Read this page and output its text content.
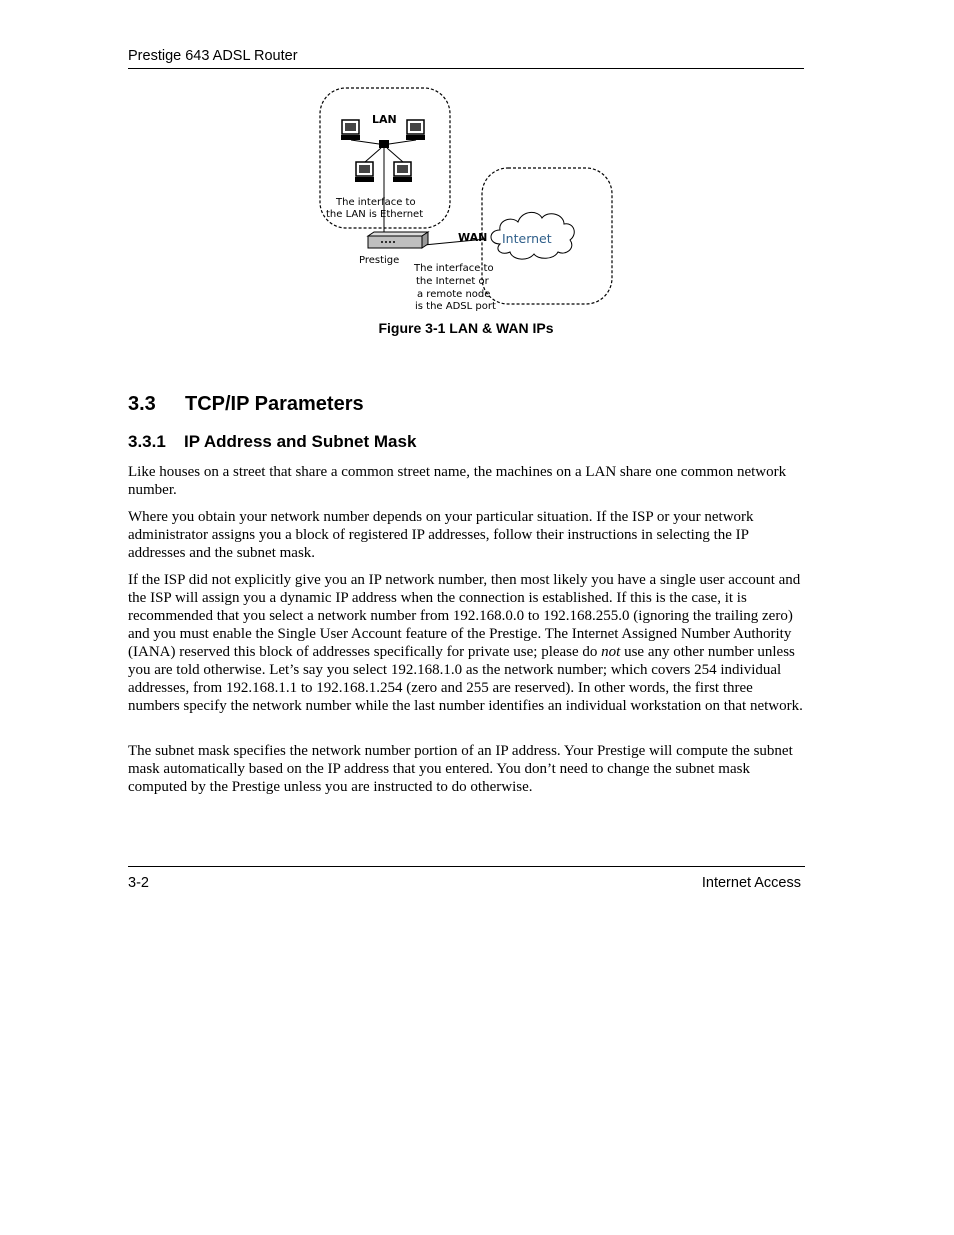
Prestige 643 ADSL Router
LAN
The interface to the LAN is Ethernet
Prestige
WAN Internet
The interface to the Internet or a remote node is the ADSL port
Figure 3-1 LAN & WAN IPs
3.3 TCP/IP Parameters
3.3.1 IP Address and Subnet Mask

Like houses on a street that share a common street name, the machines on a LAN share one common network number.

Where you obtain your network number depends on your particular situation. If the ISP or your network administrator assigns you a block of registered IP addresses, follow their instructions in selecting the IP addresses and the subnet mask.

If the ISP did not explicitly give you an IP network number, then most likely you have a single user account and the ISP will assign you a dynamic IP address when the connection is established. If this is the case, it is recommended that you select a network number from 192.168.0.0 to 192.168.255.0 (ignoring the trailing zero) and you must enable the Single User Account feature of the Prestige. The Internet Assigned Number Authority (IANA) reserved this block of addresses specifically for private use; please do not use any other number unless you are told otherwise. Let’s say you select 192.168.1.0 as the network number; which covers 254 individual addresses, from 192.168.1.1 to 192.168.1.254 (zero and 255 are reserved). In other words, the first three numbers specify the network number while the last number identifies an individual workstation on that network.

The subnet mask specifies the network number portion of an IP address. Your Prestige will compute the subnet mask automatically based on the IP address that you entered. You don’t need to change the subnet mask computed by the Prestige unless you are instructed to do otherwise.

3-2	Internet Access
